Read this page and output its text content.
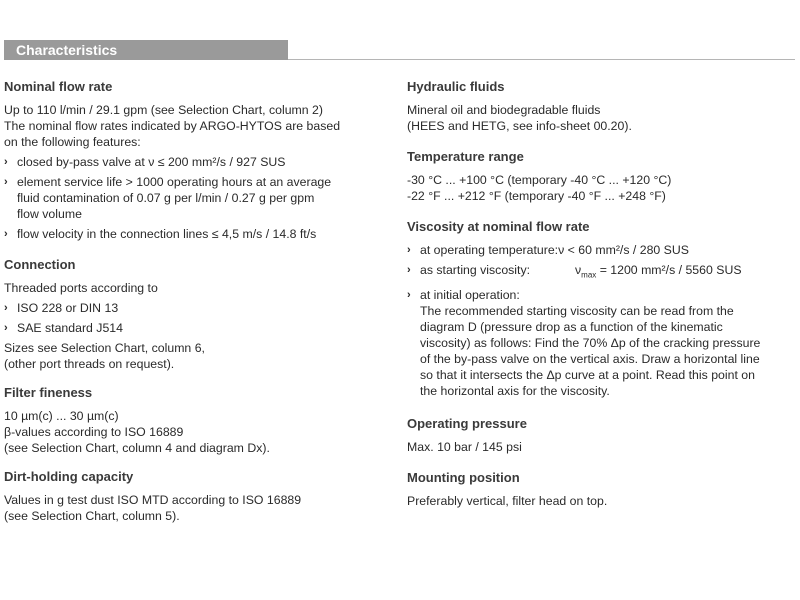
Characteristics

Nominal flow rate

Up to 110 l/min / 29.1 gpm (see Selection Chart, column 2)

The nominal flow rates indicated by ARGO-HYTOS are based

on the following features:

› closed by-pass valve at ν ≤ 200 mm²/s / 927 SUS
› element service life > 1000 operating hours at an average
fluid contamination of 0.07 g per l/min / 0.27 g per gpm
flow volume
› flow velocity in the connection lines ≤ 4,5 m/s / 14.8 ft/s

Connection

Threaded ports according to

› ISO 228 or DIN 13
› SAE standard J514

Sizes see Selection Chart, column 6,

(other port threads on request).

Filter fineness

10 µm(c) ... 30 µm(c)

β-values according to ISO 16889

(see Selection Chart, column 4 and diagram Dx).

Dirt-holding capacity

Values in g test dust ISO MTD according to ISO 16889

(see Selection Chart, column 5).

Hydraulic fluids

Mineral oil and biodegradable fluids

(HEES and HETG, see info-sheet 00.20).

Temperature range

-30 °C ... +100 °C (temporary -40 °C ... +120 °C)

-22 °F ... +212 °F (temporary -40 °F ... +248 °F)

Viscosity at nominal flow rate

› at operating temperature:ν < 60 mm²/s / 280 SUS
› as starting viscosity:	$\nu_{max} = 1200$ mm²/s / 5560 SUS
› at initial operation:
The recommended starting viscosity can be read from the
diagram D (pressure drop as a function of the kinematic
viscosity) as follows: Find the 70% Δp of the cracking pressure
of the by-pass valve on the vertical axis. Draw a horizontal line
so that it intersects the Δp curve at a point. Read this point on
the horizontal axis for the viscosity.

Operating pressure

Max. 10 bar / 145 psi

Mounting position

Preferably vertical, filter head on top.
